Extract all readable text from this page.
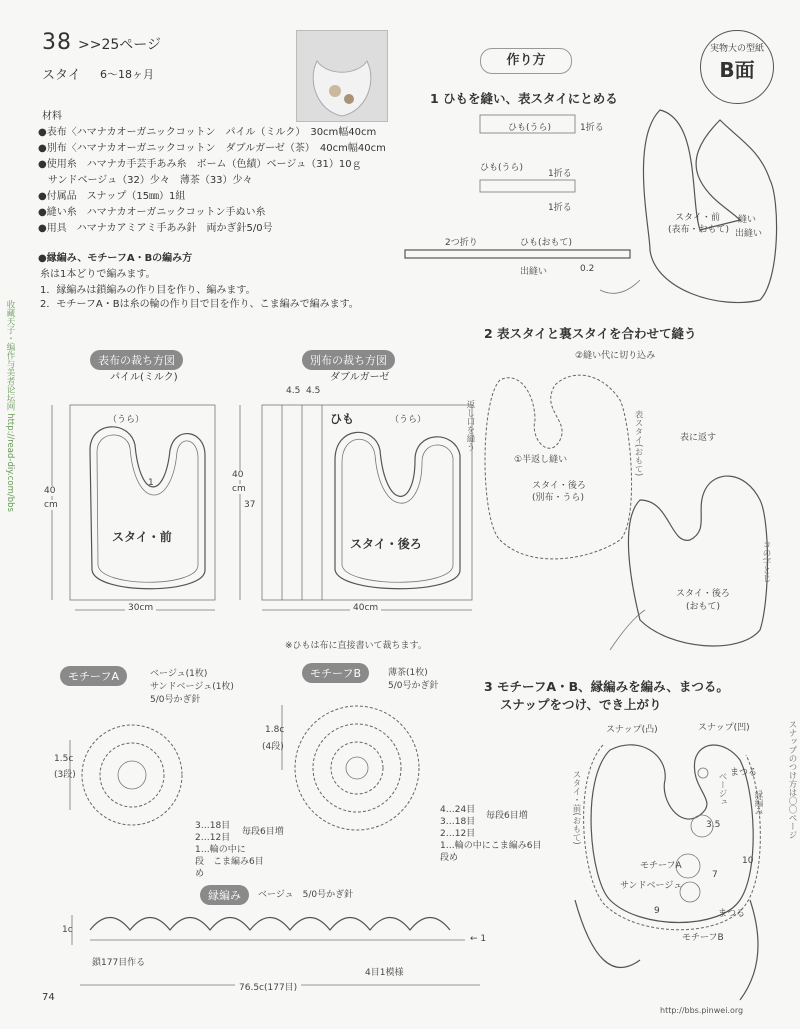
38 >>25ページ
スタイ 6〜18ヶ月
材料
●表布〈ハマナカオーガニックコットン　パイル（ミルク）　30cm幅40cm
●別布〈ハマナカオーガニックコットン　ダブルガーゼ（茶）　40cm幅40cm
●使用糸　ハマナカ手芸手あみ糸　ボーム（色績）ベージュ（31）10ｇ
　サンドベージュ（32）少々　薄茶（33）少々
●付属品　スナップ（15㎜）1組
●縫い糸　ハマナカオーガニックコットン手ぬい糸
●用具　ハマナカアミアミ手あみ針　両かぎ針5/0号
●縁編み、モチーフA・Bの編み方
糸は1本どりで編みます。
1．縁編みは鎖編みの作り目を作り、編みます。
2．モチーフA・Bは糸の輪の作り目で目を作り、こま編みで編みます。
表布の裁ち方図
パイル(ミルク)
別布の裁ち方図
ダブルガーゼ
（うら）
1
スタイ・前
30cm
40
cm
4.5 4.5
ひも	（うら）
スタイ・後ろ
37
40
cm
40cm
※ひもは布に直接書いて裁ちます。
モチーフA	ベージュ(1枚)
サンドベージュ(1枚)
5/0号かぎ針
1.5c
(3段)
3…18目
2…12目
1…輪の中に
段　こま編み6目
め
毎段6目増
モチーフB	薄茶(1枚)
5/0号かぎ針
1.8c
(4段)
4…24目
3…18目
2…12目
1…輪の中にこま編み6目
段め
毎段6目増
縁編み	ベージュ　5/0号かぎ針
1c
鎖177目作る
4目1模様
← 1
76.5c(177目)
作り方
実物大の型紙
B面
1 ひもを縫い、表スタイにとめる
ひも(うら)	1折る
ひも(うら)
1折る
1折る
2つ折り	ひも(おもて)
出縫い	0.2
スタイ・前
(表布・おもて)
縫い
出縫い
2 表スタイと裏スタイを合わせて縫う
②縫い代に切り込み
返し口を縫う
①半返し縫い
スタイ・後ろ
(別布・うら)
表スタイ(おもて)	表に返す
スタイ・後ろ
(おもて)
コの字とじ
3 モチーフA・B、縁編みを編み、まつる。
スナップをつけ、でき上がり
スナップ(凸)	スナップ(凹)
まつる
縁編み
ベージュ
スタイ・前(おもて)	3.5
モチーフA
サンドベージュ
10
9
7
まつる
モチーフB
スナップのつけ方は〇〇ページ
收藏天子・编作与美者论坛网 http://read-diy.com/bbs
74
http://bbs.pinwei.org
